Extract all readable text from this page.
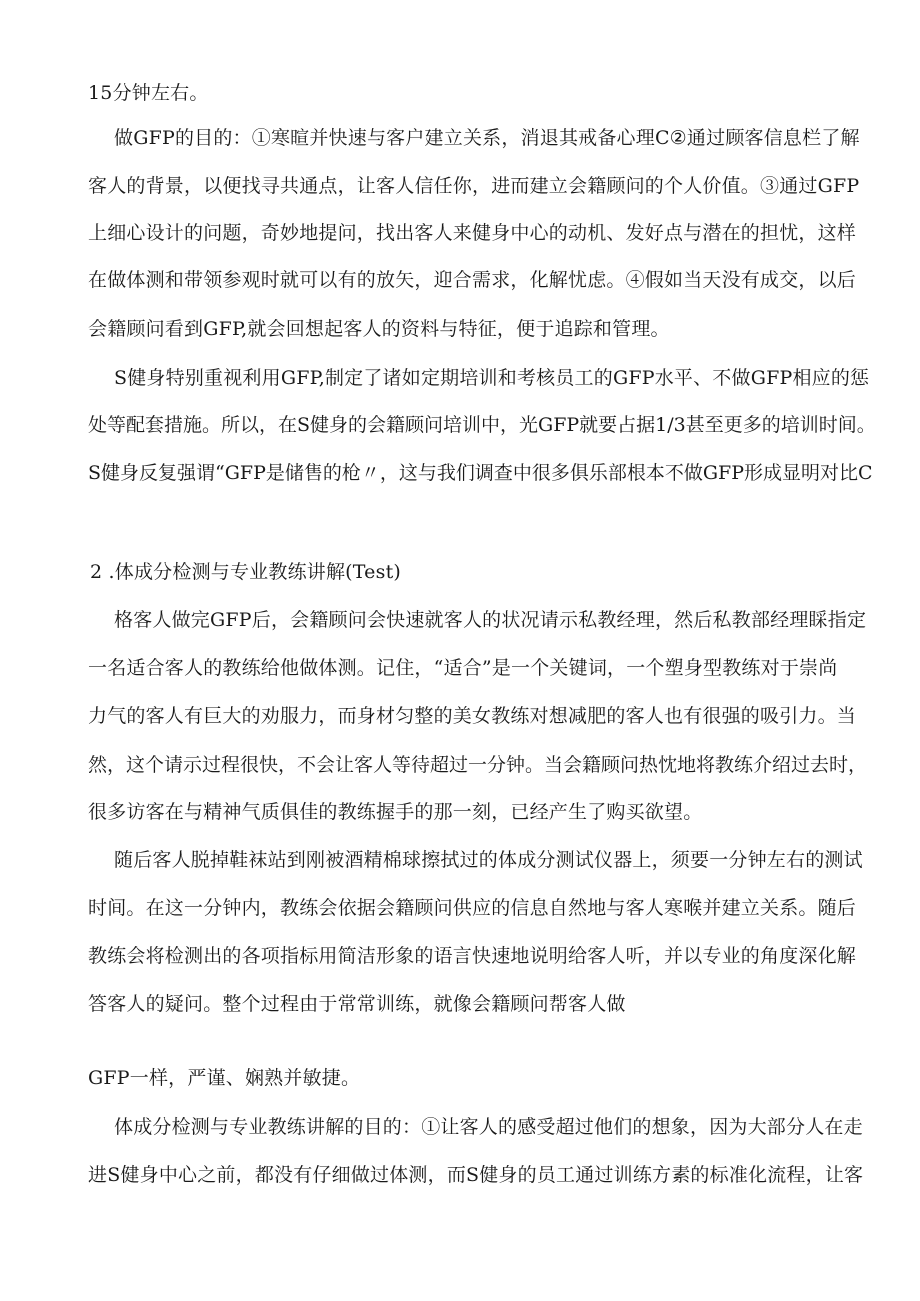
15分钟左右。
做GFP的目的：①寒暄并快速与客户建立关系，消退其戒备心理C②通过顾客信息栏了解
客人的背景，以便找寻共通点，让客人信任你，进而建立会籍顾问的个人价值。③通过GFP
上细心设计的问题，奇妙地提问，找出客人来健身中心的动机、发好点与潜在的担忧，这样
在做体测和带领参观时就可以有的放矢，迎合需求，化解忧虑。④假如当天没有成交，以后
会籍顾问看到GFP,就会回想起客人的资料与特征，便于追踪和管理。
S健身特别重视利用GFP,制定了诸如定期培训和考核员工的GFP水平、不做GFP相应的惩
处等配套措施。所以，在S健身的会籍顾问培训中，光GFP就要占据1/3甚至更多的培训时间。
S健身反复强谓“GFP是储售的枪〃，这与我们调查中很多俱乐部根本不做GFP形成显明对比C
2 .体成分检测与专业教练讲解(Test)
格客人做完GFP后，会籍顾问会快速就客人的状况请示私教经理，然后私教部经理睬指定
一名适合客人的教练给他做体测。记住，“适合”是一个关键词，一个塑身型教练对于崇尚
力气的客人有巨大的劝服力，而身材匀整的美女教练对想减肥的客人也有很强的吸引力。当
然，这个请示过程很快，不会让客人等待超过一分钟。当会籍顾问热忱地将教练介绍过去时，
很多访客在与精神气质俱佳的教练握手的那一刻，已经产生了购买欲望。
随后客人脱掉鞋袜站到刚被酒精棉球擦拭过的体成分测试仪器上，须要一分钟左右的测试
时间。在这一分钟内，教练会依据会籍顾问供应的信息自然地与客人寒喉并建立关系。随后
教练会将检测出的各项指标用简洁形象的语言快速地说明给客人听，并以专业的角度深化解
答客人的疑问。整个过程由于常常训练，就像会籍顾问帮客人做
GFP一样，严谨、娴熟并敏捷。
体成分检测与专业教练讲解的目的：①让客人的感受超过他们的想象，因为大部分人在走
进S健身中心之前，都没有仔细做过体测，而S健身的员工通过训练方素的标准化流程，让客
